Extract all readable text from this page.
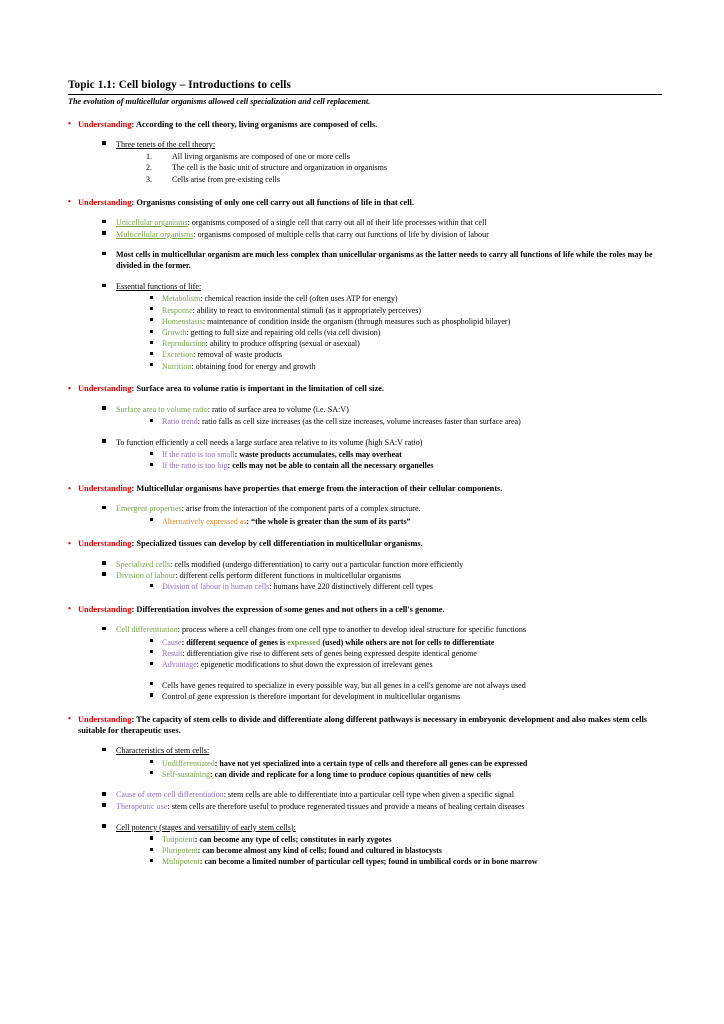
Topic 1.1: Cell biology – Introductions to cells
The evolution of multicellular organisms allowed cell specialization and cell replacement.
• Understanding: According to the cell theory, living organisms are composed of cells.
Three tenets of the cell theory:
1.	All living organisms are composed of one or more cells
2.	The cell is the basic unit of structure and organization in organisms
3.	Cells arise from pre-existing cells
• Understanding: Organisms consisting of only one cell carry out all functions of life in that cell.
Unicellular organisms: organisms composed of a single cell that carry out all of their life processes within that cell
Multicellular organisms: organisms composed of multiple cells that carry out functions of life by division of labour
Most cells in multicellular organism are much less complex than unicellular organisms as the latter needs to carry all functions of life while the roles may be divided in the former.
Essential functions of life:
Metabolism: chemical reaction inside the cell (often uses ATP for energy)
Response: ability to react to environmental stimuli (as it appropriately perceives)
Homeostasis: maintenance of condition inside the organism (through measures such as phospholipid bilayer)
Growth: getting to full size and repairing old cells (via cell division)
Reproduction: ability to produce offspring (sexual or asexual)
Excretion: removal of waste products
Nutrition: obtaining food for energy and growth
• Understanding: Surface area to volume ratio is important in the limitation of cell size.
Surface area to volume ratio: ratio of surface area to volume (i.e. SA:V)
Ratio trend: ratio falls as cell size increases (as the cell size increases, volume increases faster than surface area)
To function efficiently a cell needs a large surface area relative to its volume (high SA:V ratio)
If the ratio is too small: waste products accumulates, cells may overheat
If the ratio is too big: cells may not be able to contain all the necessary organelles
• Understanding: Multicellular organisms have properties that emerge from the interaction of their cellular components.
Emergent properties: arise from the interaction of the component parts of a complex structure.
Alternatively expressed as: “the whole is greater than the sum of its parts”
• Understanding: Specialized tissues can develop by cell differentiation in multicellular organisms.
Specialized cells: cells modified (undergo differentiation) to carry out a particular function more efficiently
Division of labour: different cells perform different functions in multicellular organisms
Division of labour in human cells: humans have 220 distinctively different cell types
• Understanding: Differentiation involves the expression of some genes and not others in a cell's genome.
Cell differentiation: process where a cell changes from one cell type to another to develop ideal structure for specific functions
Cause: different sequence of genes is expressed (used) while others are not for cells to differentiate
Result: differentiation give rise to different sets of genes being expressed despite identical genome
Advantage: epigenetic modifications to shut down the expression of irrelevant genes
Cells have genes required to specialize in every possible way, but all genes in a cell's genome are not always used
Control of gene expression is therefore important for development in multicellular organisms
• Understanding: The capacity of stem cells to divide and differentiate along different pathways is necessary in embryonic development and also makes stem cells suitable for therapeutic uses.
Characteristics of stem cells:
Undifferentiated: have not yet specialized into a certain type of cells and therefore all genes can be expressed
Self-sustaining: can divide and replicate for a long time to produce copious quantities of new cells
Cause of stem cell differentiation: stem cells are able to differentiate into a particular cell type when given a specific signal
Therapeutic use: stem cells are therefore useful to produce regenerated tissues and provide a means of healing certain diseases
Cell potency (stages and versatility of early stem cells):
Totipotent: can become any type of cells; constitutes in early zygotes
Pluripotent: can become almost any kind of cells; found and cultured in blastocysts
Multipotent: can become a limited number of particular cell types; found in umbilical cords or in bone marrow
